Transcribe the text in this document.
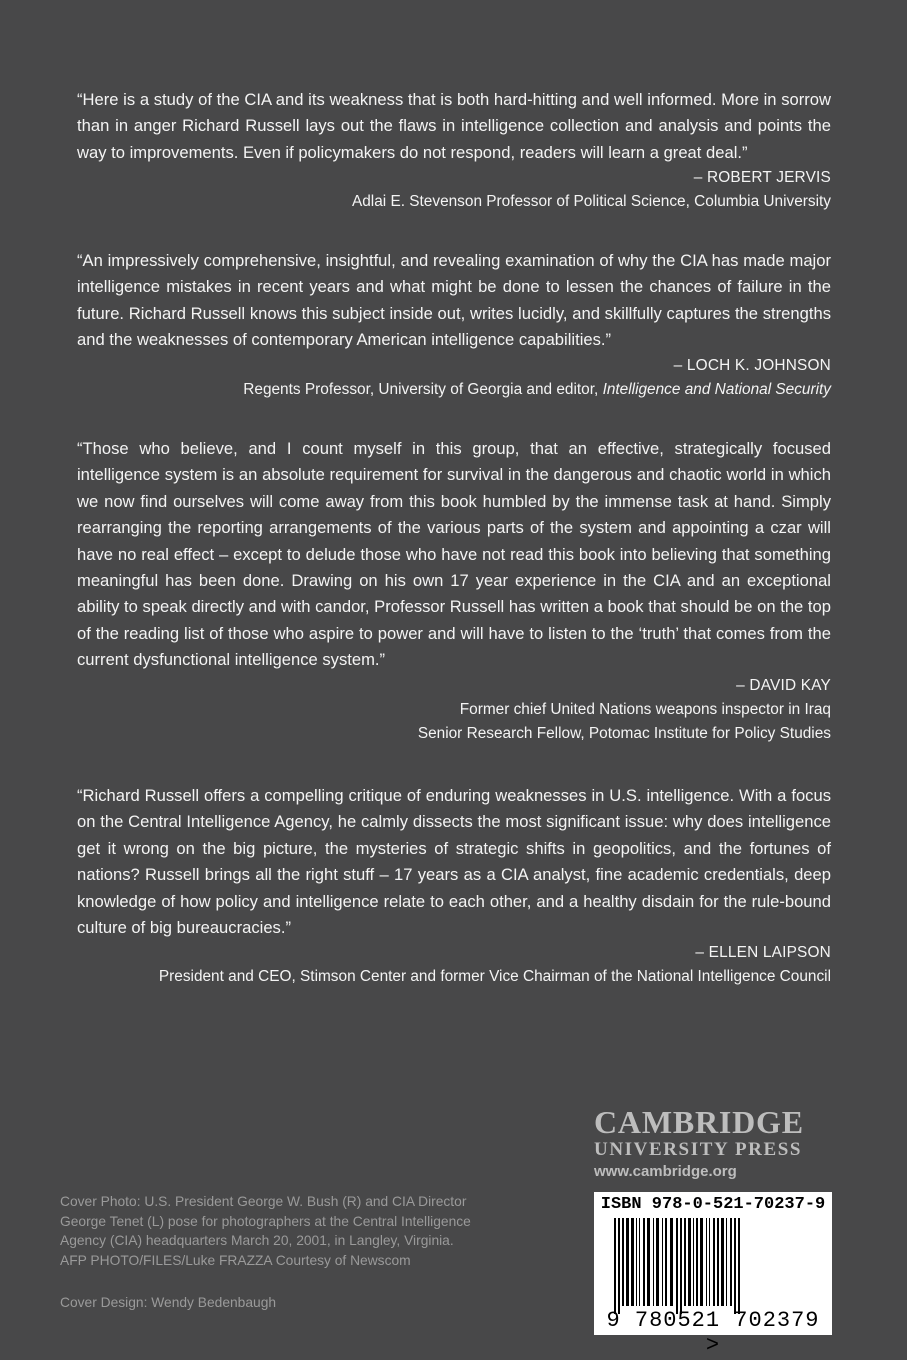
“Here is a study of the CIA and its weakness that is both hard-hitting and well informed. More in sorrow than in anger Richard Russell lays out the flaws in intelligence collection and analysis and points the way to improvements. Even if policymakers do not respond, readers will learn a great deal.”

– ROBERT JERVIS
Adlai E. Stevenson Professor of Political Science, Columbia University

“An impressively comprehensive, insightful, and revealing examination of why the CIA has made major intelligence mistakes in recent years and what might be done to lessen the chances of failure in the future. Richard Russell knows this subject inside out, writes lucidly, and skillfully captures the strengths and the weaknesses of contemporary American intelligence capabilities.”

– LOCH K. JOHNSON
Regents Professor, University of Georgia and editor, Intelligence and National Security

“Those who believe, and I count myself in this group, that an effective, strategically focused intelligence system is an absolute requirement for survival in the dangerous and chaotic world in which we now find ourselves will come away from this book humbled by the immense task at hand. Simply rearranging the reporting arrangements of the various parts of the system and appointing a czar will have no real effect – except to delude those who have not read this book into believing that something meaningful has been done. Drawing on his own 17 year experience in the CIA and an exceptional ability to speak directly and with candor, Professor Russell has written a book that should be on the top of the reading list of those who aspire to power and will have to listen to the ‘truth’ that comes from the current dysfunctional intelligence system.”

– DAVID KAY
Former chief United Nations weapons inspector in Iraq
Senior Research Fellow, Potomac Institute for Policy Studies

“Richard Russell offers a compelling critique of enduring weaknesses in U.S. intelligence. With a focus on the Central Intelligence Agency, he calmly dissects the most significant issue: why does intelligence get it wrong on the big picture, the mysteries of strategic shifts in geopolitics, and the fortunes of nations? Russell brings all the right stuff – 17 years as a CIA analyst, fine academic credentials, deep knowledge of how policy and intelligence relate to each other, and a healthy disdain for the rule-bound culture of big bureaucracies.”

– ELLEN LAIPSON
President and CEO, Stimson Center and former Vice Chairman of the National Intelligence Council
CAMBRIDGE
UNIVERSITY PRESS
www.cambridge.org

Cover Photo: U.S. President George W. Bush (R) and CIA Director George Tenet (L) pose for photographers at the Central Intelligence Agency (CIA) headquarters March 20, 2001, in Langley, Virginia.

AFP PHOTO/FILES/Luke FRAZZA Courtesy of Newscom

Cover Design: Wendy Bedenbaugh
ISBN 978-0-521-70237-9
9 780521 702379 >
